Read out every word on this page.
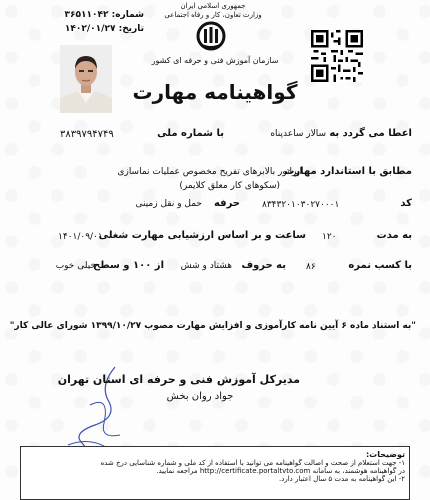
شماره: ۳۶۵۱۱۰۴۲
تاریخ: ۱۴۰۲/۰۱/۲۷
جمهوری اسلامی ایران
وزارت تعاون، کار و رفاه اجتماعی
سازمان آموزش فنی و حرفه ای کشور
گواهینامه مهارت
اعطا می گردد به
سالار ساعدپناه
با شماره ملی
۳۸۳۹۷۹۴۷۴۹
مطابق با استاندارد مهارت
اپراتور بالابرهای تفریح مخصوص عملیات نماسازی
(سکوهای کار معلق کلایمر)
کد
۸۳۴۳۲۰۱۰۳۰۲۷۰۰۰۱
حرفه
حمل و نقل زمینی
به مدت
۱۲۰
ساعت و بر اساس ارزشیابی مهارت شغلی
۱۴۰۱/۰۹/۰۱
با کسب نمره
۸۶
به حروف
هشتاد و شش
از ۱۰۰ و سطح
خیلی خوب
"به استناد ماده ۶ آیین نامه کارآموزی و افزایش مهارت مصوب ۱۳۹۹/۱۰/۲۷ شورای عالی کار"
مدیرکل آموزش فنی و حرفه ای استان تهران
جواد روان بخش
توضیحات:
۱- جهت استعلام از صحت و اصالت گواهینامه می توانید با استفاده از کد ملی و شماره شناسایی درج شده
در گواهینامه هوشمند، به سامانه http://certificate.portaltvto.com مراجعه نمایید.
۲- این گواهینامه به مدت ۵ سال اعتبار دارد.
